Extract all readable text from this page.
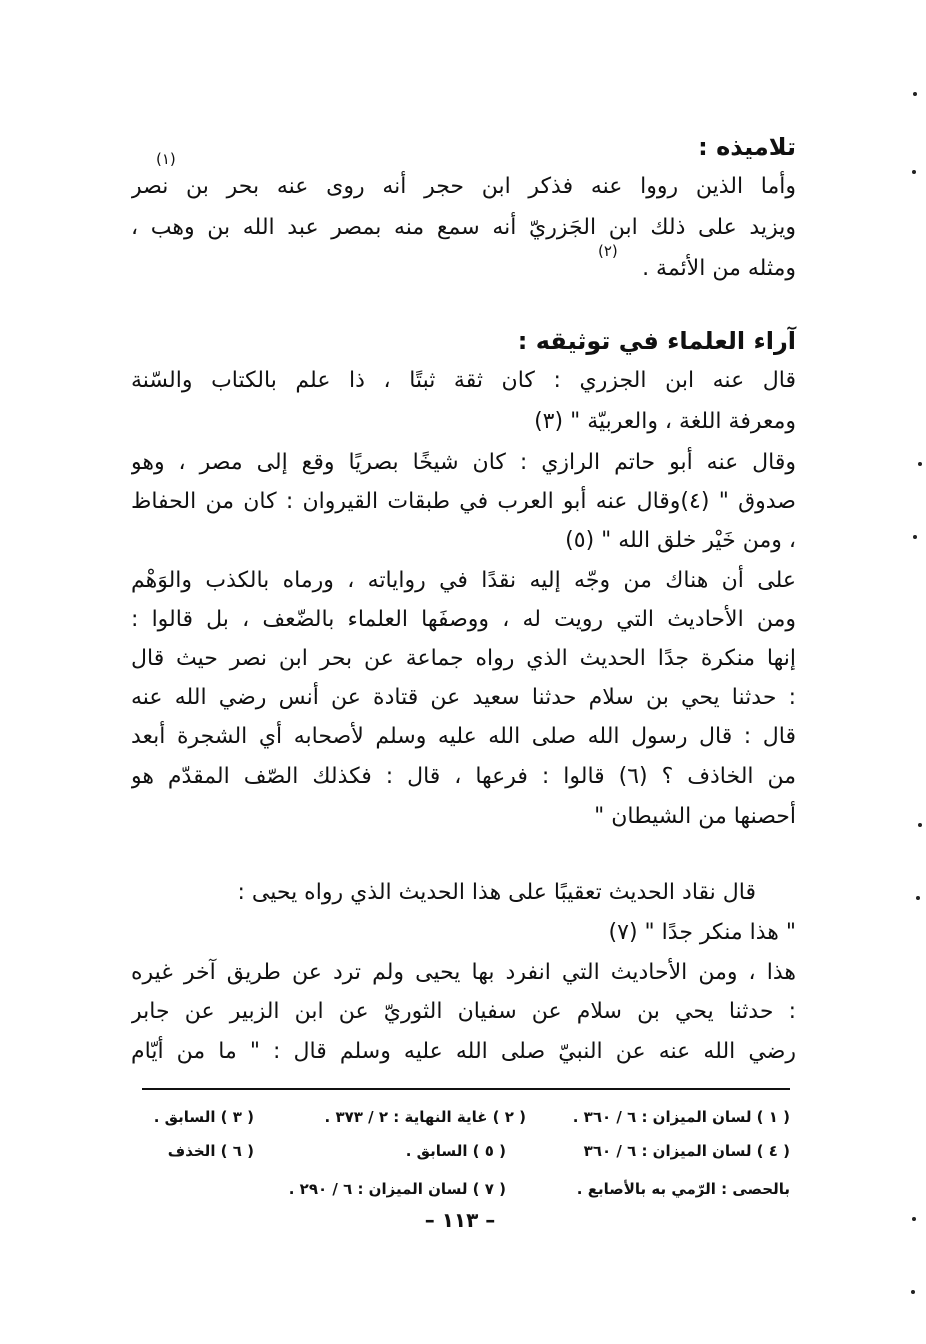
تلاميذه :
(١)
وأما الذين رووا عنه فذكر ابن حجر أنه روى عنه بحر بن نصر
ويزيد على ذلك ابن الجَزريّ أنه سمع منه بمصر عبد الله بن وهب ،
ومثله من الأئمة .
(٢)
آراء العلماء في توثيقه :
قال عنه ابن الجزري : كان ثقة ثبتًا ، ذا علم بالكتاب والسّنة
ومعرفة اللغة ، والعربيّة " (٣)
وقال عنه أبو حاتم الرازي : كان شيخًا بصريًا وقع إلى مصر ، وهو
صدوق " (٤)وقال عنه أبو العرب في طبقات القيروان : كان من الحفاظ
، ومن خَيْر خلق الله " (٥)
على أن هناك من وجّه إليه نقدًا في رواياته ، ورماه بالكذب والوَهْم
ومن الأحاديث التي رويت له ، ووصفَها العلماء بالضّعف ، بل قالوا :
إنها منكرة جدًا الحديث الذي رواه جماعة عن بحر ابن نصر حيث قال
: حدثنا يحي بن سلام حدثنا سعيد عن قتادة عن أنس رضي الله عنه
قال : قال رسول الله صلى الله عليه وسلم لأصحابه أي الشجرة أبعد
من الخاذف ؟ (٦) قالوا : فرعها ، قال : فكذلك الصّف المقدّم هو
أحصنها من الشيطان "
قال نقاد الحديث تعقيبًا على هذا الحديث الذي رواه يحيى :
" هذا منكر جدًا " (٧)
هذا ، ومن الأحاديث التي انفرد بها يحيى ولم ترد عن طريق آخر غيره
: حدثنا يحي بن سلام عن سفيان الثوريّ عن ابن الزبير عن جابر
رضي الله عنه عن النبيّ صلى الله عليه وسلم قال : " ما من أيّام
( ١ ) لسان الميزان : ٦ / ٣٦٠ .
( ٢ ) غاية النهاية : ٢ / ٣٧٣ .
( ٣ ) السابق .
( ٤ ) لسان الميزان : ٦ / ٣٦٠
( ٥ ) السابق .
( ٦ ) الخذف
بالحصى : الرّمي به بالأصابع .
( ٧ ) لسان الميزان : ٦ / ٢٩٠ .
– ١١٣ –
